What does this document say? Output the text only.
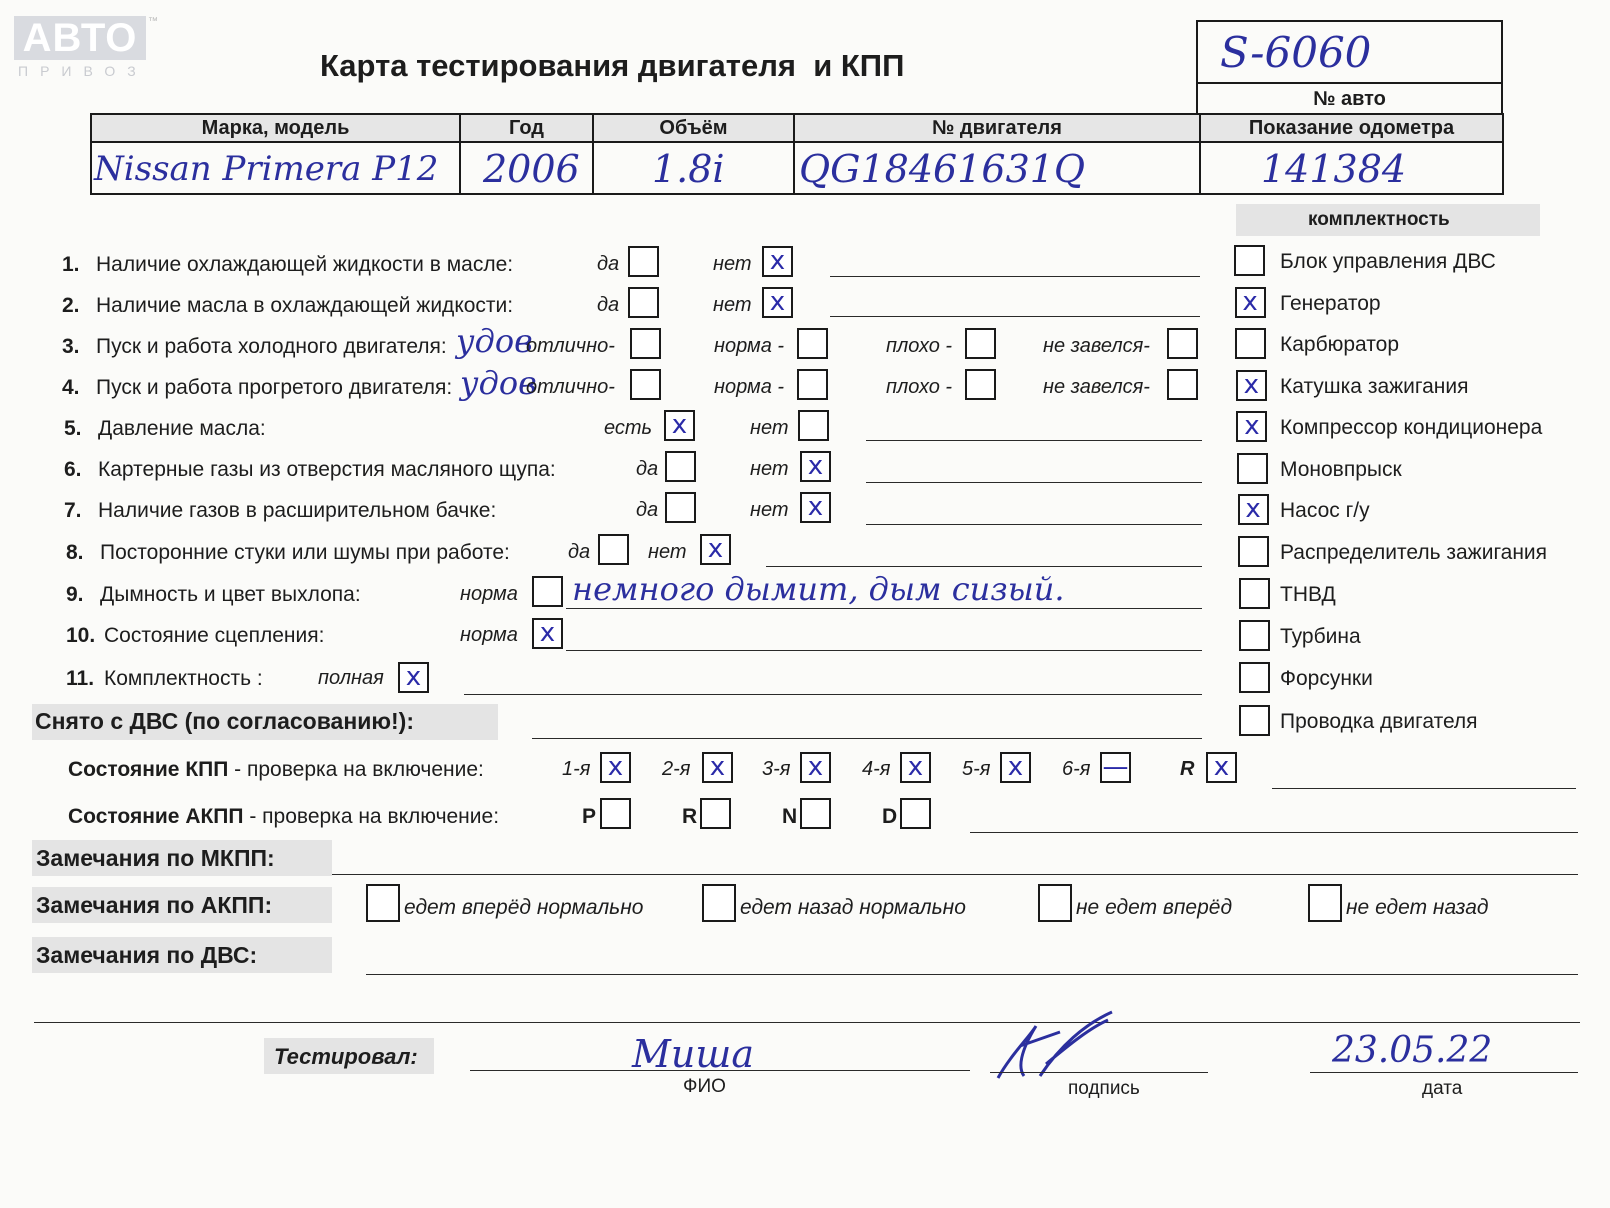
АВТО	™
ПРИВОЗ	Карта тестирования двигателя  и КПП	S-6060

№ авто
Марка, модель	Год	Объём	№ двигателя	Показание одометра

Nissan Primera P12	2006	1.8i	QG18461631Q	141384
комплектность
Блок управления ДВС
x	Генератор
Карбюратор
x	Катушка зажигания
x Компрессор кондиционера
Моновпрыск
x Насос г/у
Распределитель зажигания
ТНВД
Турбина
Форсунки
Проводка двигателя
1. Наличие охлаждающей жидкости в масле:	да	нет x
2. Наличие масла в охлаждающей жидкости:	да	нет x
3. Пуск и работа холодного двигателя: удов
отлично-	норма -	плохо -	не завелся-
4. Пуск и работа прогретого двигателя: удов
отлично-	норма -	плохо -	не завелся-
5. Давление масла:	есть x	нет
6. Картерные газы из отверстия масляного щупа:	да	нет x
7. Наличие газов в расширительном бачке:	да	нет x
8. Посторонние стуки или шумы при работе:	да	нет x
9. Дымность и цвет выхлопа:	норма немного дымит, дым сизый.
10. Состояние сцепления:	норма x
11. Комплектность :	полная x
Снято с ДВС (по согласованию!):
Состояние КПП - проверка на включение:	1-я x	2-я x	3-я x	4-я x	5-я x	6-я —	R x
Состояние АКПП - проверка на включение:	P	R	N	D
Замечания по МКПП:
Замечания по АКПП:	едет вперёд нормально	едет назад нормально	не едет вперёд	не едет назад
Замечания по ДВС:
Тестировал:	Миша
ФИО	подпись
23.05.22
дата
